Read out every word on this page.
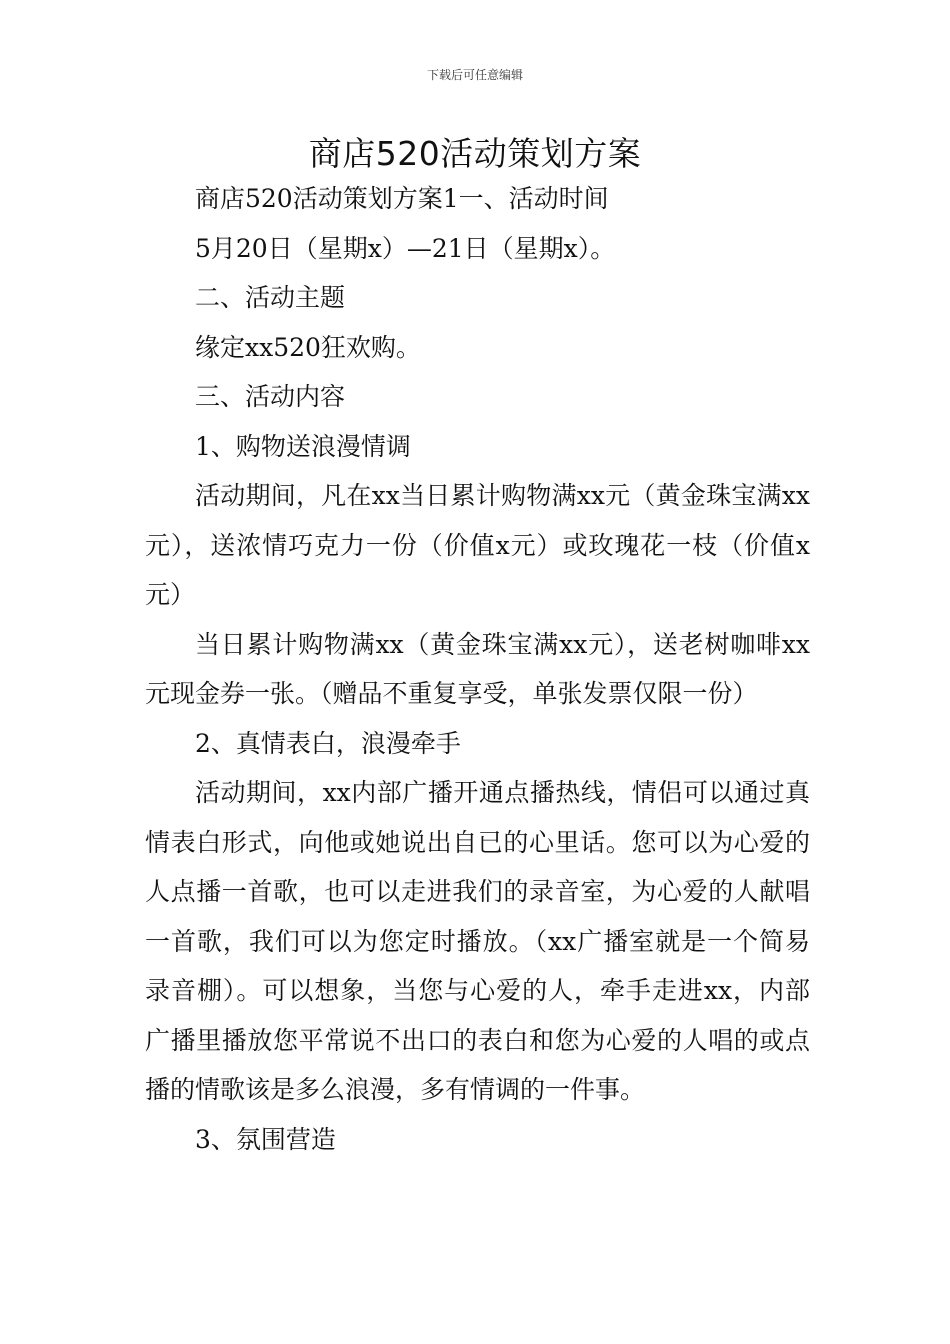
下载后可任意编辑
商店520活动策划方案

商店520活动策划方案1一、活动时间

5月20日（星期x）—21日（星期x）。

二、活动主题

缘定xx520狂欢购。

三、活动内容

1、购物送浪漫情调

活动期间，凡在xx当日累计购物满xx元（黄金珠宝满xx元），送浓情巧克力一份（价值x元）或玫瑰花一枝（价值x元）

当日累计购物满xx（黄金珠宝满xx元），送老树咖啡xx元现金券一张。（赠品不重复享受，单张发票仅限一份）

2、真情表白，浪漫牵手

活动期间，xx内部广播开通点播热线，情侣可以通过真情表白形式，向他或她说出自已的心里话。您可以为心爱的人点播一首歌，也可以走进我们的录音室，为心爱的人献唱一首歌，我们可以为您定时播放。（xx广播室就是一个简易录音棚）。可以想象，当您与心爱的人，牵手走进xx，内部广播里播放您平常说不出口的表白和您为心爱的人唱的或点播的情歌该是多么浪漫，多有情调的一件事。

3、氛围营造
